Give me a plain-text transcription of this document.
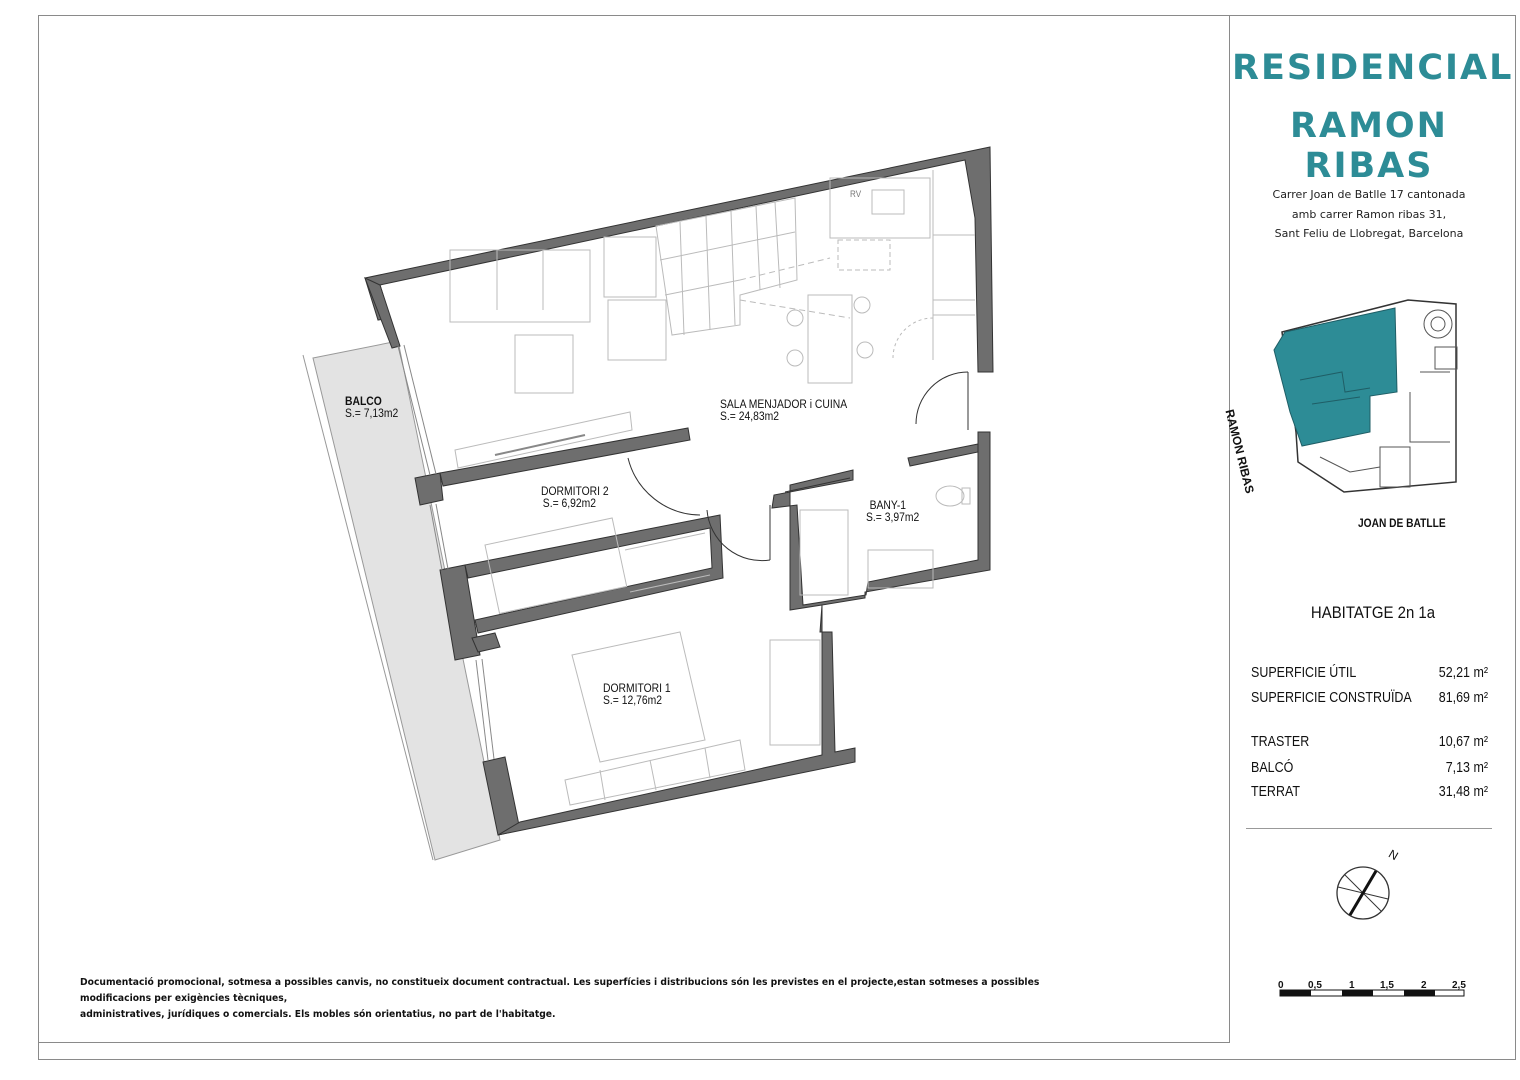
RV
BALCO
S.= 7,13m2
SALA MENJADOR i CUINA
S.= 24,83m2
DORMITORI 2
S.= 6,92m2	BANY-1
S.= 3,97m2
DORMITORI 1
S.= 12,76m2
RESIDENCIAL
RAMON RIBAS
Carrer Joan de Batlle 17 cantonada
amb carrer Ramon ribas 31,
Sant Feliu de Llobregat, Barcelona
RAMON RIBAS
JOAN DE BATLLE
HABITATGE 2n 1a
SUPERFICIE ÚTIL	52,21 m²
SUPERFICIE CONSTRUÏDA	81,69 m²
TRASTER	10,67 m²
BALCÓ	7,13 m²
TERRAT	31,48 m²
N
0 0,5	1	1,5	2	2,5
Documentació promocional, sotmesa a possibles canvis, no constitueix document contractual. Les superfícies i distribucions són les previstes en el projecte,estan sotmeses a possibles modificacions per exigències tècniques,
administratives, jurídiques o comercials. Els mobles són orientatius, no part de l'habitatge.
